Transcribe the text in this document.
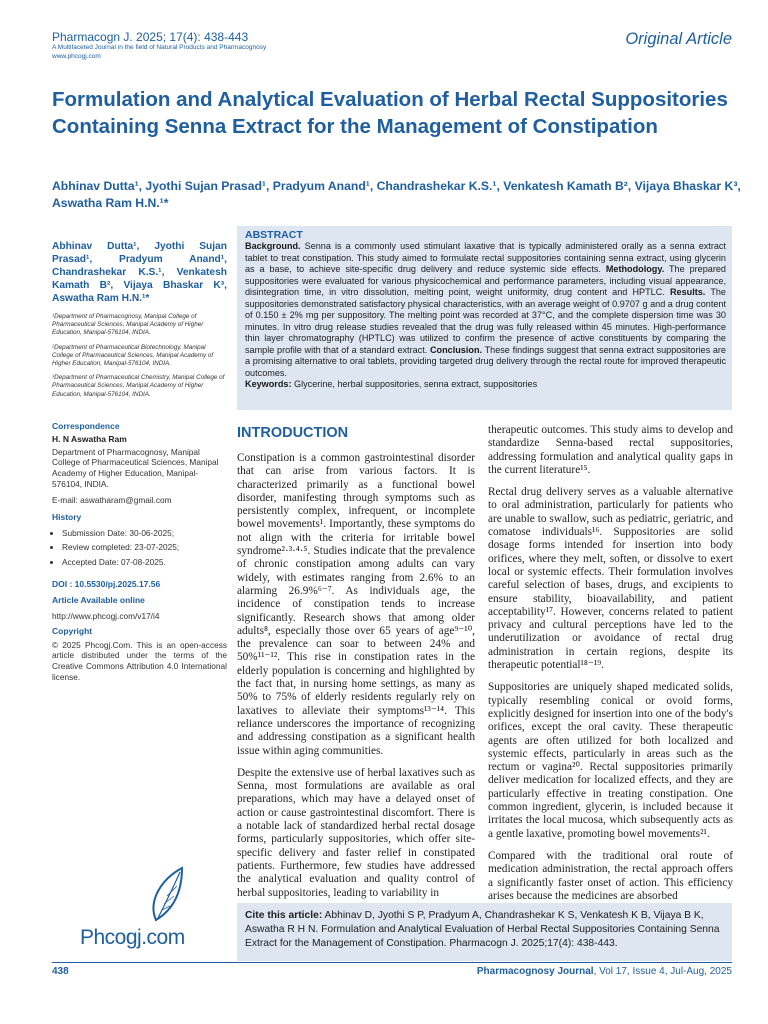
Pharmacogn J. 2025; 17(4): 438-443
A Multifaceted Journal in the field of Natural Products and Pharmacognosy
www.phcogj.com
Original Article
Formulation and Analytical Evaluation of Herbal Rectal Suppositories Containing Senna Extract for the Management of Constipation
Abhinav Dutta¹, Jyothi Sujan Prasad¹, Pradyum Anand¹, Chandrashekar K.S.¹, Venkatesh Kamath B², Vijaya Bhaskar K³, Aswatha Ram H.N.¹*
ABSTRACT
Background. Senna is a commonly used stimulant laxative that is typically administered orally as a senna extract tablet to treat constipation. This study aimed to formulate rectal suppositories containing senna extract, using glycerin as a base, to achieve site-specific drug delivery and reduce systemic side effects. Methodology. The prepared suppositories were evaluated for various physicochemical and performance parameters, including visual appearance, disintegration time, in vitro dissolution, melting point, weight uniformity, drug content and HPTLC. Results. The suppositories demonstrated satisfactory physical characteristics, with an average weight of 0.9707 g and a drug content of 0.150 ± 2% mg per suppository. The melting point was recorded at 37°C, and the complete dispersion time was 30 minutes. In vitro drug release studies revealed that the drug was fully released within 45 minutes. High-performance thin layer chromatography (HPTLC) was utilized to confirm the presence of active constituents by comparing the sample profile with that of a standard extract. Conclusion. These findings suggest that senna extract suppositories are a promising alternative to oral tablets, providing targeted drug delivery through the rectal route for improved therapeutic outcomes.
Keywords: Glycerine, herbal suppositories, senna extract, suppositories
Abhinav Dutta¹, Jyothi Sujan Prasad¹, Pradyum Anand¹, Chandrashekar K.S.¹, Venkatesh Kamath B², Vijaya Bhaskar K³, Aswatha Ram H.N.¹*
¹Department of Pharmacognosy, Manipal College of Pharmaceutical Sciences, Manipal Academy of Higher Education, Manipal-576104, INDIA.
²Department of Pharmaceutical Biotechnology, Manipal College of Pharmaceutical Sciences, Manipal Academy of Higher Education, Manipal-576104, INDIA.
³Department of Pharmaceutical Chemistry, Manipal College of Pharmaceutical Sciences, Manipal Academy of Higher Education, Manipal-576104, INDIA.
Correspondence
H. N Aswatha Ram
Department of Pharmacognosy, Manipal College of Pharmaceutical Sciences, Manipal Academy of Higher Education, Manipal-576104, INDIA.
E-mail: aswatharam@gmail.com
History
• Submission Date: 30-06-2025;
• Review completed: 23-07-2025;
• Accepted Date: 07-08-2025.
DOI : 10.5530/pj.2025.17.56
Article Available online
http://www.phcogj.com/v17/i4
Copyright
© 2025 Phcogj.Com. This is an open-access article distributed under the terms of the Creative Commons Attribution 4.0 International license.
INTRODUCTION

Constipation is a common gastrointestinal disorder that can arise from various factors. It is characterized primarily as a functional bowel disorder, manifesting through symptoms such as persistently complex, infrequent, or incomplete bowel movements¹. Importantly, these symptoms do not align with the criteria for irritable bowel syndrome²·³·⁴·⁵. Studies indicate that the prevalence of chronic constipation among adults can vary widely, with estimates ranging from 2.6% to an alarming 26.9%⁶⁻⁷. As individuals age, the incidence of constipation tends to increase significantly. Research shows that among older adults⁸, especially those over 65 years of age⁹⁻¹⁰, the prevalence can soar to between 24% and 50%¹¹⁻¹². This rise in constipation rates in the elderly population is concerning and highlighted by the fact that, in nursing home settings, as many as 50% to 75% of elderly residents regularly rely on laxatives to alleviate their symptoms¹³⁻¹⁴. This reliance underscores the importance of recognizing and addressing constipation as a significant health issue within aging communities.

Despite the extensive use of herbal laxatives such as Senna, most formulations are available as oral preparations, which may have a delayed onset of action or cause gastrointestinal discomfort. There is a notable lack of standardized herbal rectal dosage forms, particularly suppositories, which offer site-specific delivery and faster relief in constipated patients. Furthermore, few studies have addressed the analytical evaluation and quality control of herbal suppositories, leading to variability in

therapeutic outcomes. This study aims to develop and standardize Senna-based rectal suppositories, addressing formulation and analytical quality gaps in the current literature¹⁵.

Rectal drug delivery serves as a valuable alternative to oral administration, particularly for patients who are unable to swallow, such as pediatric, geriatric, and comatose individuals¹⁶. Suppositories are solid dosage forms intended for insertion into body orifices, where they melt, soften, or dissolve to exert local or systemic effects. Their formulation involves careful selection of bases, drugs, and excipients to ensure stability, bioavailability, and patient acceptability¹⁷. However, concerns related to patient privacy and cultural perceptions have led to the underutilization or avoidance of rectal drug administration in certain regions, despite its therapeutic potential¹⁸⁻¹⁹.

Suppositories are uniquely shaped medicated solids, typically resembling conical or ovoid forms, explicitly designed for insertion into one of the body's orifices, except the oral cavity. These therapeutic agents are often utilized for both localized and systemic effects, particularly in areas such as the rectum or vagina²⁰. Rectal suppositories primarily deliver medication for localized effects, and they are particularly effective in treating constipation. One common ingredient, glycerin, is included because it irritates the local mucosa, which subsequently acts as a gentle laxative, promoting bowel movements²¹.

Compared with the traditional oral route of medication administration, the rectal approach offers a significantly faster onset of action. This efficiency arises because the medicines are absorbed

Phcogj.com
Cite this article: Abhinav D, Jyothi S P, Pradyum A, Chandrashekar K S, Venkatesh K B, Vijaya B K, Aswatha R H N. Formulation and Analytical Evaluation of Herbal Rectal Suppositories Containing Senna Extract for the Management of Constipation. Pharmacogn J. 2025;17(4): 438-443.
438	Pharmacognosy Journal, Vol 17, Issue 4, Jul-Aug, 2025
